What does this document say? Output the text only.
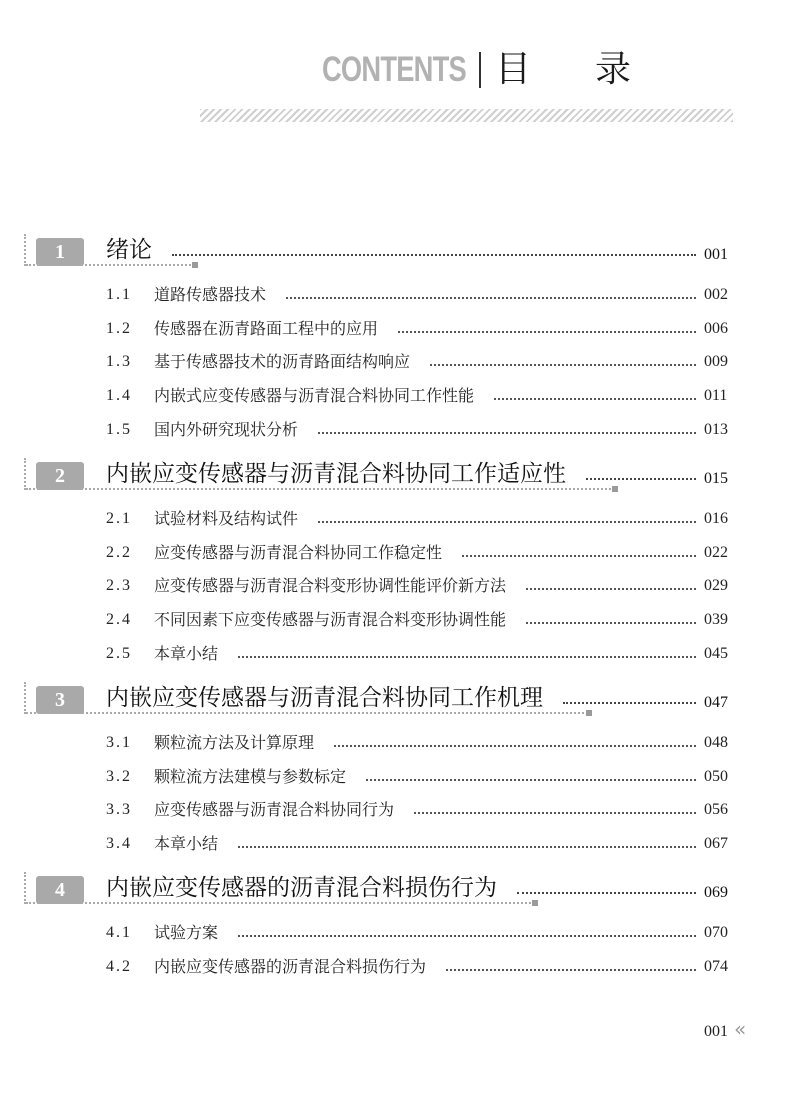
CONTENTS 目录
1	绪论	001
1.1 道路传感器技术	002
1.2 传感器在沥青路面工程中的应用	006
1.3 基于传感器技术的沥青路面结构响应	009
1.4 内嵌式应变传感器与沥青混合料协同工作性能	011
1.5 国内外研究现状分析	013
2	内嵌应变传感器与沥青混合料协同工作适应性	015
2.1 试验材料及结构试件	016
2.2 应变传感器与沥青混合料协同工作稳定性	022
2.3 应变传感器与沥青混合料变形协调性能评价新方法	029
2.4 不同因素下应变传感器与沥青混合料变形协调性能	039
2.5 本章小结	045
3	内嵌应变传感器与沥青混合料协同工作机理	047
3.1 颗粒流方法及计算原理	048
3.2 颗粒流方法建模与参数标定	050
3.3 应变传感器与沥青混合料协同行为	056
3.4 本章小结	067
4	内嵌应变传感器的沥青混合料损伤行为	069
4.1 试验方案	070
4.2 内嵌应变传感器的沥青混合料损伤行为	074
001 «
